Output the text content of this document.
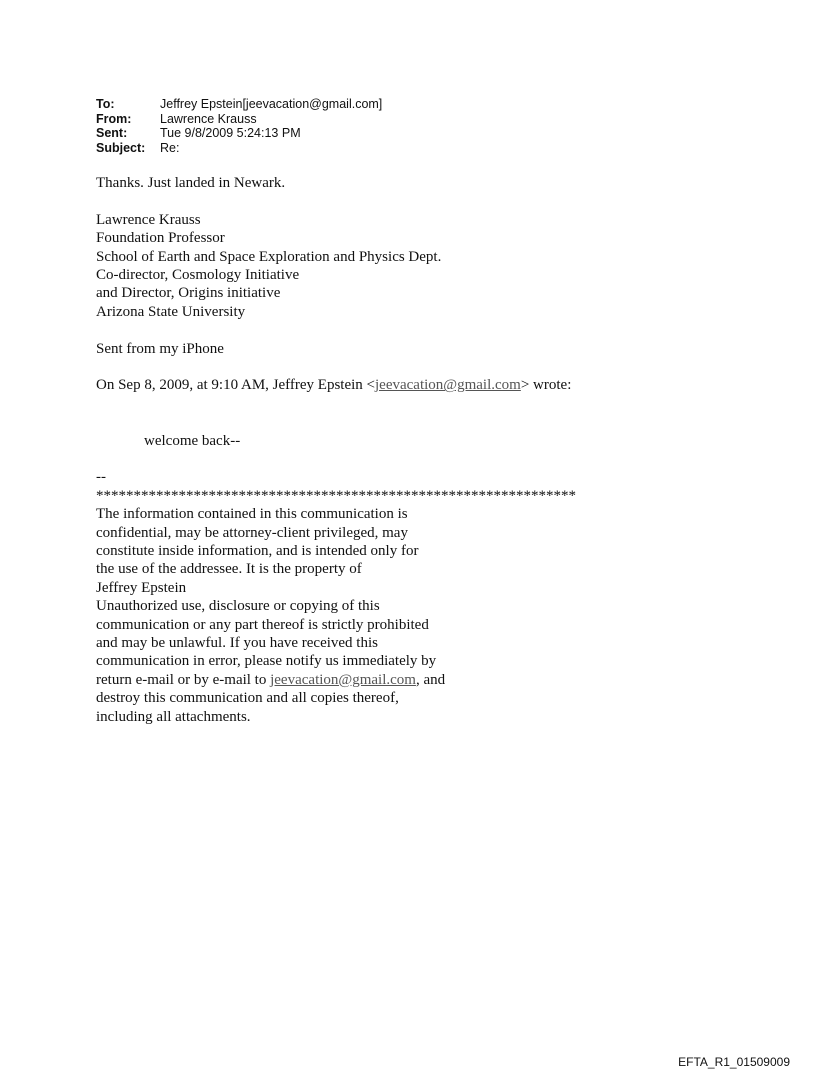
To:	Jeffrey Epstein[jeevacation@gmail.com]
From:	Lawrence Krauss
Sent:	Tue 9/8/2009 5:24:13 PM
Subject:	Re:

Thanks. Just landed in Newark.

Lawrence Krauss

Foundation Professor

School of Earth and Space Exploration and Physics Dept.

Co-director, Cosmology Initiative

and Director, Origins initiative

Arizona State University

Sent from my iPhone

On Sep 8, 2009, at 9:10 AM, Jeffrey Epstein <jeevacation@gmail.com> wrote:

welcome back--

--

****************************************************************

The information contained in this communication is

confidential, may be attorney-client privileged, may

constitute inside information, and is intended only for

the use of the addressee. It is the property of

Jeffrey Epstein

Unauthorized use, disclosure or copying of this

communication or any part thereof is strictly prohibited

and may be unlawful. If you have received this

communication in error, please notify us immediately by

return e-mail or by e-mail to jeevacation@gmail.com, and

destroy this communication and all copies thereof,

including all attachments.

EFTA_R1_01509009
